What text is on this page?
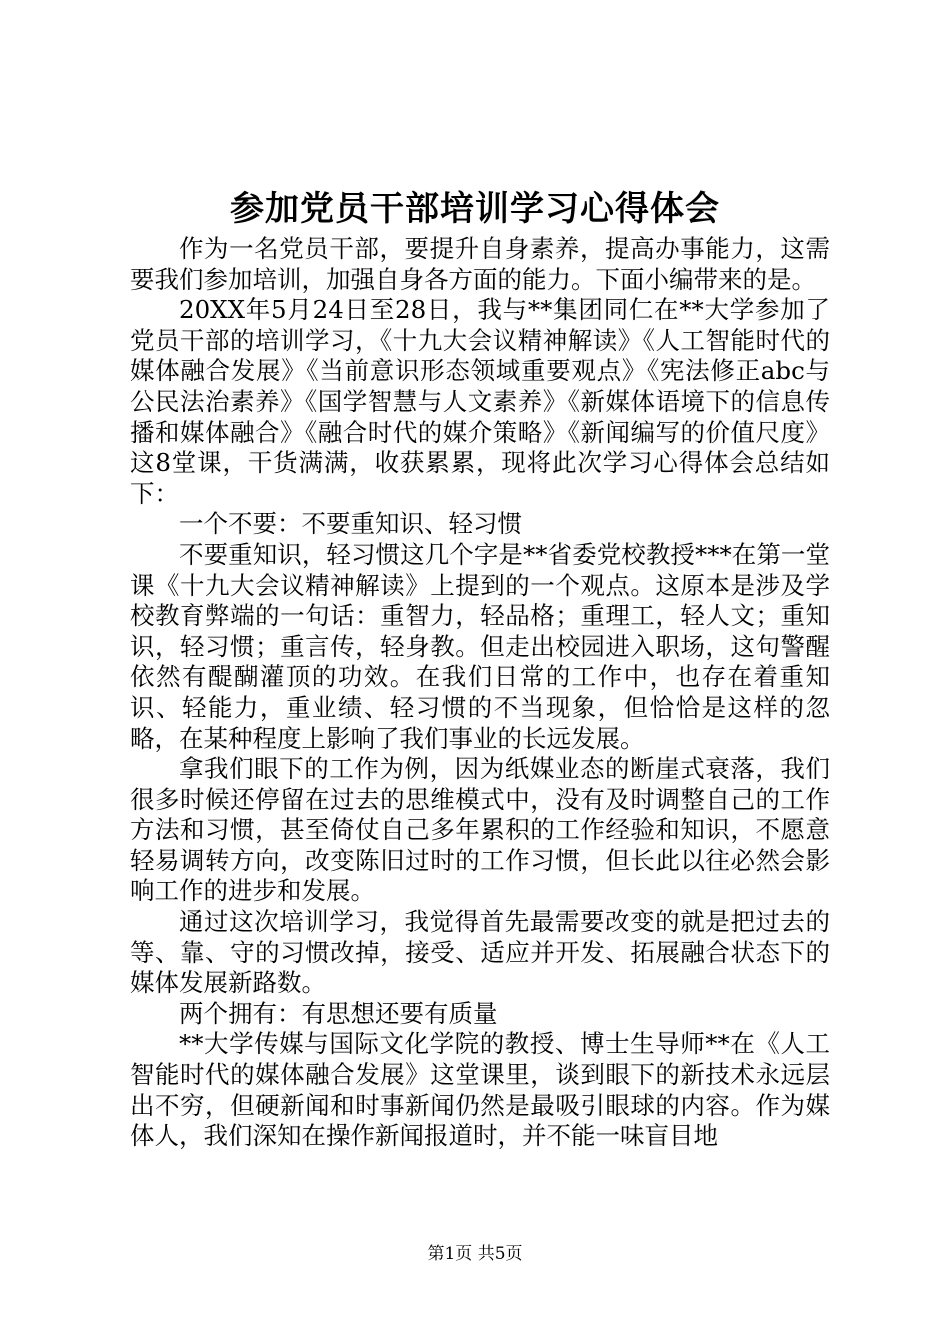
参加党员干部培训学习心得体会

作为一名党员干部，要提升自身素养，提高办事能力，这需要我们参加培训，加强自身各方面的能力。下面小编带来的是。

20XX年5月24日至28日，我与**集团同仁在**大学参加了党员干部的培训学习，《十九大会议精神解读》《人工智能时代的媒体融合发展》《当前意识形态领域重要观点》《宪法修正abc与公民法治素养》《国学智慧与人文素养》《新媒体语境下的信息传播和媒体融合》《融合时代的媒介策略》《新闻编写的价值尺度》这8堂课，干货满满，收获累累，现将此次学习心得体会总结如下：

一个不要：不要重知识、轻习惯

不要重知识，轻习惯这几个字是**省委党校教授***在第一堂课《十九大会议精神解读》上提到的一个观点。这原本是涉及学校教育弊端的一句话：重智力，轻品格；重理工，轻人文；重知识，轻习惯；重言传，轻身教。但走出校园进入职场，这句警醒依然有醍醐灌顶的功效。在我们日常的工作中，也存在着重知识、轻能力，重业绩、轻习惯的不当现象，但恰恰是这样的忽略，在某种程度上影响了我们事业的长远发展。

拿我们眼下的工作为例，因为纸媒业态的断崖式衰落，我们很多时候还停留在过去的思维模式中，没有及时调整自己的工作方法和习惯，甚至倚仗自己多年累积的工作经验和知识，不愿意轻易调转方向，改变陈旧过时的工作习惯，但长此以往必然会影响工作的进步和发展。

通过这次培训学习，我觉得首先最需要改变的就是把过去的等、靠、守的习惯改掉，接受、适应并开发、拓展融合状态下的媒体发展新路数。

两个拥有：有思想还要有质量

**大学传媒与国际文化学院的教授、博士生导师**在《人工智能时代的媒体融合发展》这堂课里，谈到眼下的新技术永远层出不穷，但硬新闻和时事新闻仍然是最吸引眼球的内容。作为媒体人，我们深知在操作新闻报道时，并不能一味盲目地

第1页 共5页
